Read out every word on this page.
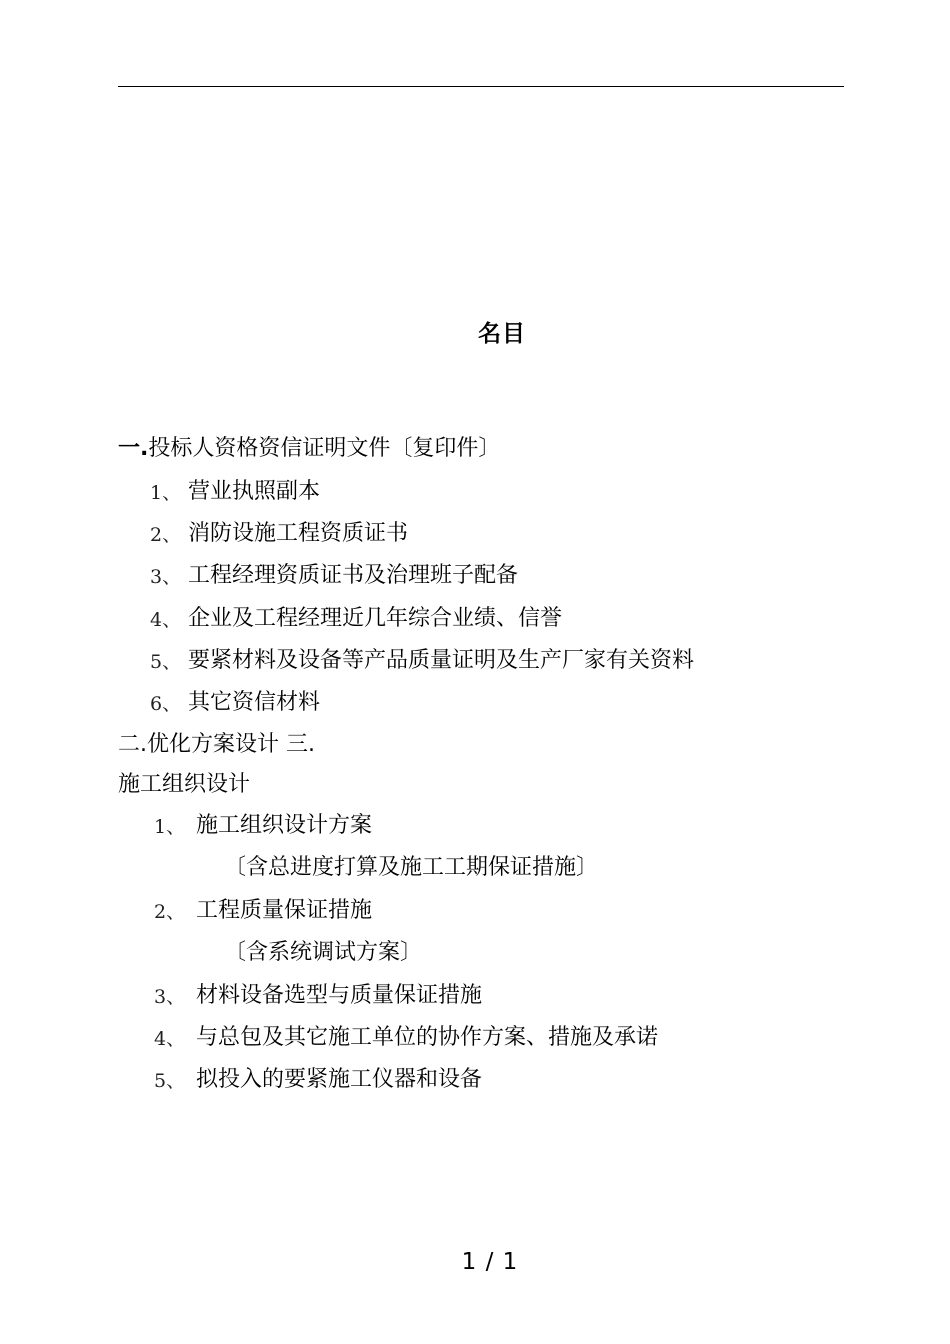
名目
一.投标人资格资信证明文件〔复印件〕
1、 营业执照副本
2、 消防设施工程资质证书
3、 工程经理资质证书及治理班子配备
4、 企业及工程经理近几年综合业绩、信誉
5、 要紧材料及设备等产品质量证明及生产厂家有关资料
6、 其它资信材料
二.优化方案设计 三.
施工组织设计
1、 施工组织设计方案
〔含总进度打算及施工工期保证措施〕
2、 工程质量保证措施
〔含系统调试方案〕
3、 材料设备选型与质量保证措施
4、 与总包及其它施工单位的协作方案、措施及承诺
5、 拟投入的要紧施工仪器和设备
1 / 1
